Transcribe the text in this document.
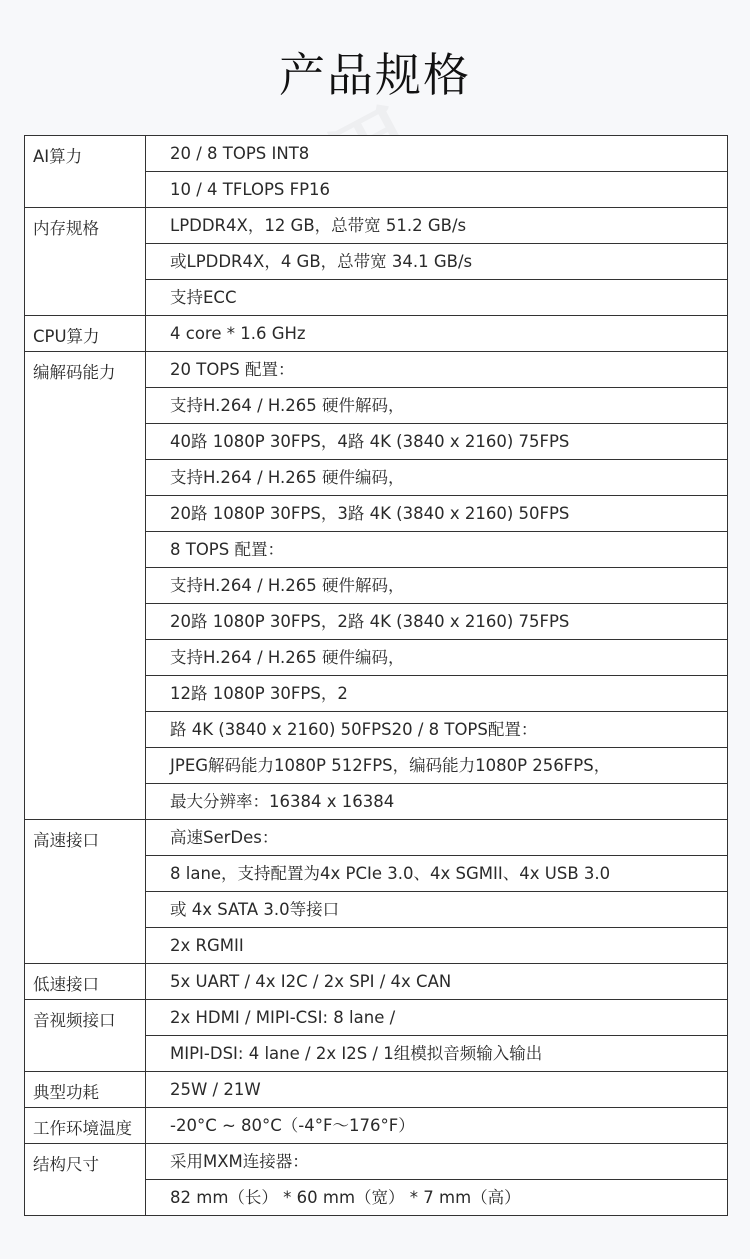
产品规格
AI算力	20 / 8 TOPS INT8
	10 / 4 TFLOPS FP16
内存规格	LPDDR4X，12 GB，总带宽 51.2 GB/s
	或LPDDR4X，4 GB，总带宽 34.1 GB/s
	支持ECC
CPU算力	4 core * 1.6 GHz
编解码能力	20 TOPS 配置：
	支持H.264 / H.265 硬件解码，
	40路 1080P 30FPS，4路 4K (3840 x 2160) 75FPS
	支持H.264 / H.265 硬件编码，
	20路 1080P 30FPS，3路 4K (3840 x 2160) 50FPS
	8 TOPS 配置：
	支持H.264 / H.265 硬件解码，
	20路 1080P 30FPS，2路 4K (3840 x 2160) 75FPS
	支持H.264 / H.265 硬件编码，
	12路 1080P 30FPS，2
	路 4K (3840 x 2160) 50FPS20 / 8 TOPS配置：
	JPEG解码能力1080P 512FPS，编码能力1080P 256FPS，
	最大分辨率：16384 x 16384
高速接口	高速SerDes：
	8 lane，支持配置为4x PCIe 3.0、4x SGMII、4x USB 3.0
	或 4x SATA 3.0等接口
	2x RGMII
低速接口	5x UART / 4x I2C / 2x SPI / 4x CAN
音视频接口	2x HDMI / MIPI-CSI: 8 lane /
	MIPI-DSI: 4 lane / 2x I2S / 1组模拟音频输入输出
典型功耗	25W / 21W
工作环境温度	-20°C ~ 80°C（-4°F～176°F）
结构尺寸	采用MXM连接器：
	82 mm（长） * 60 mm（宽） * 7 mm（高）
